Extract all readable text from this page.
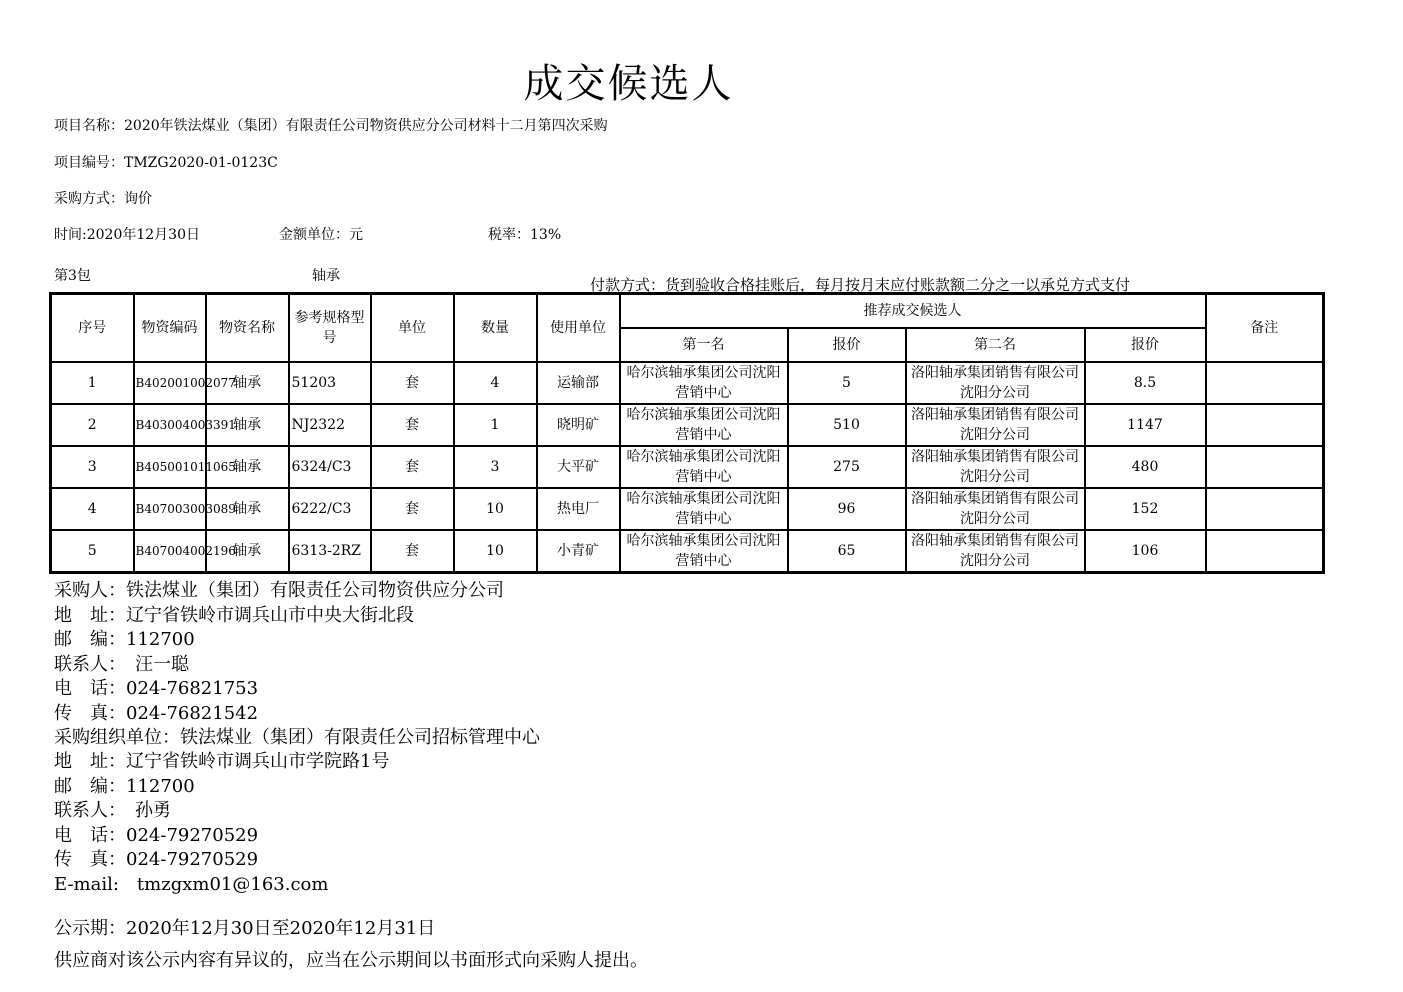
成交候选人
项目名称：2020年铁法煤业（集团）有限责任公司物资供应分公司材料十二月第四次采购
项目编号：TMZG2020-01-0123C
采购方式：询价
时间:2020年12月30日	金额单位：元	税率：13%
第3包	轴承	付款方式：货到验收合格挂账后，每月按月末应付账款额二分之一以承兑方式支付
序号	物资编码	物资名称	参考规格型号	单位	数量	使用单位	推荐成交候选人				备注
							第一名	报价	第二名	报价	
1	B402001002077	轴承	51203	套	4	运输部	哈尔滨轴承集团公司沈阳营销中心	5	洛阳轴承集团销售有限公司沈阳分公司	8.5	
2	B403004003391	轴承	NJ2322	套	1	晓明矿	哈尔滨轴承集团公司沈阳营销中心	510	洛阳轴承集团销售有限公司沈阳分公司	1147	
3	B405001011065	轴承	6324/C3	套	3	大平矿	哈尔滨轴承集团公司沈阳营销中心	275	洛阳轴承集团销售有限公司沈阳分公司	480	
4	B407003003089	轴承	6222/C3	套	10	热电厂	哈尔滨轴承集团公司沈阳营销中心	96	洛阳轴承集团销售有限公司沈阳分公司	152	
5	B407004002196	轴承	6313-2RZ	套	10	小青矿	哈尔滨轴承集团公司沈阳营销中心	65	洛阳轴承集团销售有限公司沈阳分公司	106	
采购人：铁法煤业（集团）有限责任公司物资供应分公司
地　址：辽宁省铁岭市调兵山市中央大街北段
邮　编：112700
联系人：　汪一聪
电　话：024-76821753
传　真：024-76821542
采购组织单位：铁法煤业（集团）有限责任公司招标管理中心
地　址：辽宁省铁岭市调兵山市学院路1号
邮　编：112700
联系人：　孙勇
电　话：024-79270529
传　真：024-79270529
E-mail:　tmzgxm01@163.com
公示期：2020年12月30日至2020年12月31日
供应商对该公示内容有异议的，应当在公示期间以书面形式向采购人提出。
